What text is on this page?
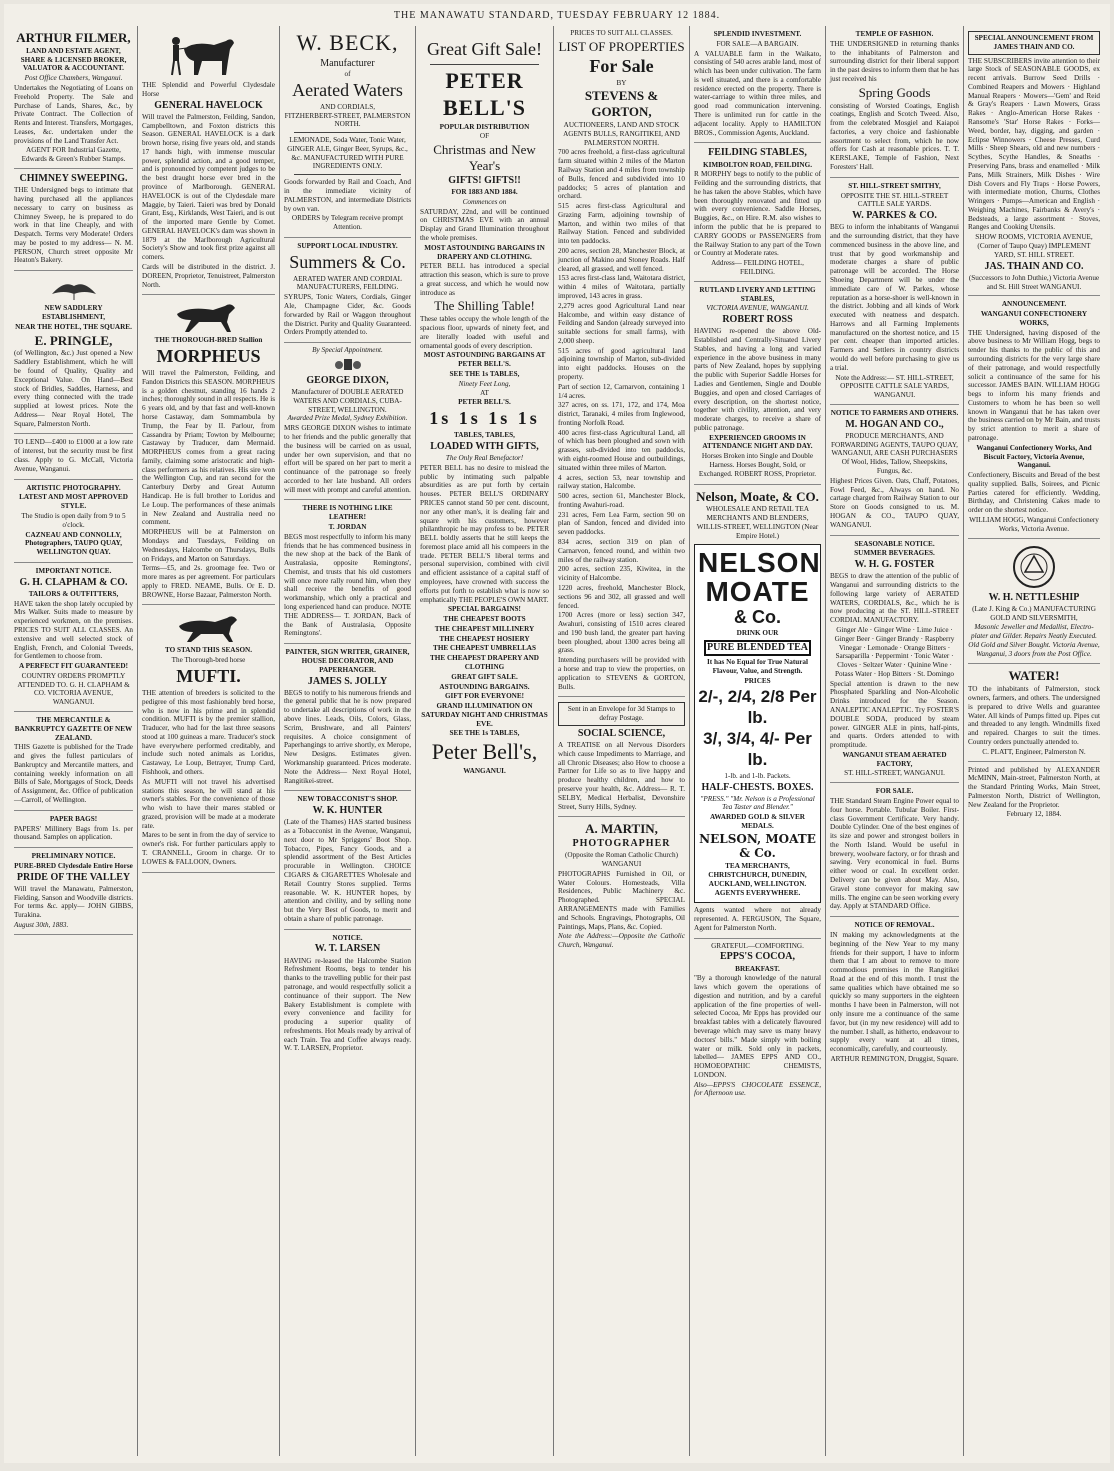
THE MANAWATU STANDARD, TUESDAY FEBRUARY 12 1884.
ARTHUR FILMER,
LAND AND ESTATE AGENT, SHARE & LICENSED BROKER, VALUATOR & ACCOUNTANT.
Post Office Chambers, Wanganui.

Undertakes the Negotiating of Loans on Freehold Property. The Sale and Purchase of Lands, Shares, &c., by Private Contract. The Collection of Rents and Interest. Transfers, Mortgages, Leases, &c. undertaken under the provisions of the Land Transfer Act.

AGENT FOR Industrial Gazette, Edwards & Green's Rubber Stamps.
CHIMNEY SWEEPING.

THE Undersigned begs to intimate that having purchased all the appliances necessary to carry on business as Chimney Sweep, he is prepared to do work in that line Cheaply, and with Despatch. Terms very Moderate! Orders may be posted to my address— N. M. PERSON, Church street opposite Mr Heaton's Bakery.

NEW SADDLERY ESTABLISHMENT,
NEAR THE HOTEL, THE SQUARE.
E. PRINGLE,

(of Wellington, &c.) Just opened a New Saddlery Establishment, which he will be found of Quality, Quality and Exceptional Value. On Hand—Best stock of Bridles, Saddles, Harness, and every thing connected with the trade supplied at lowest prices. Note the Address— Near Royal Hotel, The Square, Palmerston North.

TO LEND—£400 to £1000 at a low rate of interest, but the security must be first class. Apply to G. McCall, Victoria Avenue, Wanganui.

ARTISTIC PHOTOGRAPHY.
LATEST AND MOST APPROVED STYLE.
The Studio is open daily from 9 to 5 o'clock.
CAZNEAU AND CONNOLLY, Photographers, TAUPO QUAY, WELLINGTON QUAY.
IMPORTANT NOTICE.
G. H. CLAPHAM & CO.
TAILORS & OUTFITTERS,

HAVE taken the shop lately occupied by Mrs Walker. Suits made to measure by experienced workmen, on the premises. PRICES TO SUIT ALL CLASSES. An extensive and well selected stock of English, French, and Colonial Tweeds, for Gentlemen to choose from.

A PERFECT FIT GUARANTEED!
COUNTRY ORDERS PROMPTLY ATTENDED TO. G. H. CLAPHAM & CO. VICTORIA AVENUE, WANGANUI.
THE MERCANTILE & BANKRUPTCY GAZETTE OF NEW ZEALAND.

THIS Gazette is published for the Trade and gives the fullest particulars of Bankruptcy and Mercantile matters, and containing weekly information on all Bills of Sale, Mortgages of Stock, Deeds of Assignment, &c. Office of publication—Carroll, of Wellington.

PAPER BAGS!

PAPERS' Millinery Bags from 1s. per thousand. Samples on application.

PRELIMINARY NOTICE.
PURE-BRED Clydesdale Entire Horse
PRIDE OF THE VALLEY

Will travel the Manawatu, Palmerston, Fielding, Sanson and Woodville districts. For terms &c. apply— JOHN GIBBS, Turakina.

August 30th, 1883.

THE Splendid and Powerful Clydesdale Horse

GENERAL HAVELOCK

Will travel the Palmerston, Feilding, Sandon, Campbelltown, and Foxton districts this Season. GENERAL HAVELOCK is a dark brown horse, rising five years old, and stands 17 hands high, with immense muscular power, splendid action, and a good temper, and is pronounced by competent judges to be the best draught horse ever bred in the province of Marlborough. GENERAL HAVELOCK is out of the Clydesdale mare Maggie, by Taieri. Taieri was bred by Donald Grant, Esq., Kirklands, West Taieri, and is out of the imported mare Gentle by Comet. GENERAL HAVELOCK's dam was shown in 1879 at the Marlborough Agricultural Society's Show and took first prize against all comers.

Cards will be distributed in the district. J. DOREEN, Proprietor, Tenuistreet, Palmerston North.

THE THOROUGH-BRED Stallion
MORPHEUS

Will travel the Palmerston, Feilding, and Fandon Districts this SEASON. MORPHEUS is a golden chestnut, standing 16 hands 2 inches; thoroughly sound in all respects. He is 6 years old, and by that fast and well-known horse Castaway, dam Sommambula by Trump, the Fear by II. Parlour, from Cassandra by Priam; Towton by Melbourne; Castaway by Traducer, dam Mermaid. MORPHEUS comes from a great racing family, claiming some aristocratic and high-class performers as his relatives. His sire won the Wellington Cup, and ran second for the Canterbury Derby and Great Autumn Handicap. He is full brother to Loridus and Le Loup. The performances of these animals in New Zealand and Australia need no comment.

MORPHEUS will be at Palmerston on Mondays and Tuesdays, Feilding on Wednesdays, Halcombe on Thursdays, Bulls on Fridays, and Marton on Saturdays.

Terms—£5, and 2s. groomage fee. Two or more mares as per agreement. For particulars apply to FRED. NEAME, Bulls. Or E. D. BROWNE, Horse Bazaar, Palmerston North.

TO STAND THIS SEASON.
The Thorough-bred horse
MUFTI.

THE attention of breeders is solicited to the pedigree of this most fashionably bred horse, who is now in his prime and in splendid condition. MUFTI is by the premier stallion, Traducer, who had for the last three seasons stood at 100 guineas a mare. Traducer's stock have everywhere performed creditably, and include such noted animals as Loridus, Castaway, Le Loup, Betrayer, Trump Card, Fishhook, and others.

As MUFTI will not travel his advertised stations this season, he will stand at his owner's stables. For the convenience of those who wish to have their mares stabled or grazed, provision will be made at a moderate rate.

Mares to be sent in from the day of service to owner's risk. For further particulars apply to T. CRANNELL, Groom in charge. Or to LOWES & FALLOON, Owners.

W. BECK,
Manufacturer
of
Aerated Waters
AND CORDIALS,
FITZHERBERT-STREET, PALMERSTON NORTH.
LEMONADE, Soda Water, Tonic Water, GINGER ALE, Ginger Beer, Syrups, &c., &c. MANUFACTURED WITH PURE INGREDIENTS ONLY.

Goods forwarded by Rail and Coach, And in the immediate vicinity of PALMERSTON, and intermediate Districts by own van.

ORDERS by Telegram receive prompt Attention.

SUPPORT LOCAL INDUSTRY.
Summers & Co.
AERATED WATER AND CORDIAL MANUFACTURERS, FEILDING.

SYRUPS, Tonic Waters, Cordials, Ginger Ale, Champagne Cider, &c. Goods forwarded by Rail or Waggon throughout the District. Purity and Quality Guaranteed. Orders Promptly attended to.

By Special Appointment.
GEORGE DIXON,
Manufacturer of DOUBLE AERATED WATERS AND CORDIALS, CUBA-STREET, WELLINGTON.
Awarded Prize Medal, Sydney Exhibition.

MRS GEORGE DIXON wishes to intimate to her friends and the public generally that the business will be carried on as usual, under her own supervision, and that no effort will be spared on her part to merit a continuance of the patronage so freely accorded to her late husband. All orders will meet with prompt and careful attention.

THERE IS NOTHING LIKE LEATHER!
T. JORDAN

BEGS most respectfully to inform his many friends that he has commenced business in the new shop at the back of the Bank of Australasia, opposite Remingtons', Chemist, and trusts that his old customers will once more rally round him, when they shall receive the benefits of good workmanship, which only a practical and long experienced hand can produce. NOTE THE ADDRESS— T. JORDAN, Back of the Bank of Australasia, Opposite Remingtons'.

PAINTER, SIGN WRITER, GRAINER, HOUSE DECORATOR, AND PAPERHANGER.
JAMES S. JOLLY

BEGS to notify to his numerous friends and the general public that he is now prepared to undertake all descriptions of work in the above lines. Leads, Oils, Colors, Glass, Scrim, Brushware, and all Painters' requisites. A choice consignment of Paperhangings to arrive shortly, ex Merope, New Designs. Estimates given. Workmanship guaranteed. Prices moderate. Note the Address— Next Royal Hotel, Rangitikei-street.

NEW TOBACCONIST'S SHOP.
W. K. HUNTER

(Late of the Thames) HAS started business as a Tobacconist in the Avenue, Wanganui, next door to Mr Spriggens' Boot Shop. Tobacco, Pipes, Fancy Goods, and a splendid assortment of the Best Articles procurable in Wellington. CHOICE CIGARS & CIGARETTES Wholesale and Retail Country Stores supplied. Terms reasonable. W. K. HUNTER hopes, by attention and civility, and by selling none but the Very Best of Goods, to merit and obtain a share of public patronage.

NOTICE.
W. T. LARSEN

HAVING re-leased the Halcombe Station Refreshment Rooms, begs to tender his thanks to the travelling public for their past patronage, and would respectfully solicit a continuance of their support. The New Bakery Establishment is complete with every convenience and facility for producing a superior quality of refreshments. Hot Meals ready by arrival of each Train. Tea and Coffee always ready. W. T. LARSEN, Proprietor.

Great Gift Sale!
PETER BELL'S
POPULAR DISTRIBUTION
OF
Christmas and New Year's
GIFTS! GIFTS!!
FOR 1883 AND 1884.
Commences on

SATURDAY, 22nd, and will be continued on CHRISTMAS EVE with an annual Display and Grand Illumination throughout the whole premises.

MOST ASTOUNDING BARGAINS IN DRAPERY AND CLOTHING.

PETER BELL has introduced a special attraction this season, which is sure to prove a great success, and which he would now introduce as

The Shilling Table!

These tables occupy the whole length of the spacious floor, upwards of ninety feet, and are literally loaded with useful and ornamental goods of every description.

MOST ASTOUNDING BARGAINS AT PETER BELL'S.
SEE THE 1s TABLES,
Ninety Feet Long,
AT
PETER BELL'S.
1s 1s 1s 1s
TABLES, TABLES,
LOADED WITH GIFTS,
The Only Real Benefactor!

PETER BELL has no desire to mislead the public by intimating such palpable absurdities as are put forth by certain houses. PETER BELL'S ORDINARY PRICES cannot stand 50 per cent. discount, nor any other man's, it is dealing fair and square with his customers, however philanthropic he may profess to be. PETER BELL boldly asserts that he still keeps the foremost place amid all his compeers in the trade. PETER BELL'S liberal terms and personal supervision, combined with civil and efficient assistance of a capital staff of employees, have crowned with success the efforts put forth to establish what is now so emphatically THE PEOPLE'S OWN MART.

SPECIAL BARGAINS!
THE CHEAPEST BOOTS
THE CHEAPEST MILLINERY
THE CHEAPEST HOSIERY
THE CHEAPEST UMBRELLAS
THE CHEAPEST DRAPERY AND CLOTHING
GREAT GIFT SALE.
ASTOUNDING BARGAINS.
GIFT FOR EVERYONE!
GRAND ILLUMINATION ON SATURDAY NIGHT AND CHRISTMAS EVE.
SEE THE 1s TABLES,
Peter Bell's,
WANGANUI.
PRICES TO SUIT ALL CLASSES.
LIST OF PROPERTIES
For Sale
BY
STEVENS & GORTON,
AUCTIONEERS, LAND AND STOCK AGENTS BULLS, RANGITIKEI, AND PALMERSTON NORTH.

700 acres freehold, a first-class agricultural farm situated within 2 miles of the Marton Railway Station and 4 miles from township of Bulls, fenced and subdivided into 10 paddocks; 5 acres of plantation and orchard.

515 acres first-class Agricultural and Grazing Farm, adjoining township of Marton, and within two miles of that Railway Station. Fenced and subdivided into ten paddocks.

200 acres, section 28, Manchester Block, at junction of Makino and Stoney Roads. Half cleared, all grassed, and well fenced.

153 acres first-class land, Waitotara district, within 4 miles of Waitotara, partially improved, 143 acres in grass.

2,279 acres good Agricultural Land near Halcombe, and within easy distance of Feilding and Sandon (already surveyed into suitable sections for small farms), with 2,000 sheep.

515 acres of good agricultural land adjoining township of Marton, sub-divided into eight paddocks. Houses on the property.

Part of section 12, Carnarvon, containing 1 1/4 acres.

327 acres, on ss. 171, 172, and 174, Moa district, Taranaki, 4 miles from Inglewood, fronting Norfolk Road.

400 acres first-class Agricultural Land, all of which has been ploughed and sown with grasses, sub-divided into ten paddocks, with eight-roomed House and outbuildings, situated within three miles of Marton.

4 acres, section 53, near township and railway station, Halcombe.

500 acres, section 61, Manchester Block, fronting Awahuri-road.

231 acres, Fern Lea Farm, section 90 on plan of Sandon, fenced and divided into seven paddocks.

834 acres, section 319 on plan of Carnarvon, fenced round, and within two miles of the railway station.

200 acres, section 235, Kiwitea, in the vicinity of Halcombe.

1220 acres, freehold, Manchester Block, sections 96 and 302, all grassed and well fenced.

1700 Acres (more or less) section 347, Awahuri, consisting of 1510 acres cleared and 190 bush land, the greater part having been ploughed, about 1300 acres being all grass.

Intending purchasers will be provided with a horse and trap to view the properties, on application to STEVENS & GORTON, Bulls.

Sent in an Envelope for 3d Stamps to defray Postage.
SOCIAL SCIENCE,

A TREATISE on all Nervous Disorders which cause Impediments to Marriage, and all Chronic Diseases; also How to choose a Partner for Life so as to live happy and produce healthy children, and how to preserve your health, &c. Address— R. T. SELBY, Medical Herbalist, Devonshire Street, Surry Hills, Sydney.

A. MARTIN,
PHOTOGRAPHER
(Opposite the Roman Catholic Church) WANGANUI

PHOTOGRAPHS Furnished in Oil, or Water Colours. Homesteads, Villa Residences, Public Machinery &c. Photographed. SPECIAL ARRANGEMENTS made with Families and Schools. Engravings, Photographs, Oil Paintings, Maps, Plans, &c. Copied.

Note the Address:—Opposite the Catholic Church, Wanganui.

SPLENDID INVESTMENT.
FOR SALE—A BARGAIN.

A VALUABLE farm in the Waikato, consisting of 540 acres arable land, most of which has been under cultivation. The farm is well situated, and there is a comfortable residence erected on the property. There is water-carriage to within three miles, and good road communication intervening. There is unlimited run for cattle in the adjacent locality. Apply to HAMILTON BROS., Commission Agents, Auckland.

FEILDING STABLES,
KIMBOLTON ROAD, FEILDING.

R MORPHY begs to notify to the public of Feilding and the surrounding districts, that he has taken the above Stables, which have been thoroughly renovated and fitted up with every convenience. Saddle Horses, Buggies, &c., on Hire. R.M. also wishes to inform the public that he is prepared to CARRY GOODS or PASSENGERS from the Railway Station to any part of the Town or Country at Moderate rates.

Address— FEILDING HOTEL, FEILDING.
RUTLAND LIVERY AND LETTING STABLES,
VICTORIA AVENUE, WANGANUI.
ROBERT ROSS

HAVING re-opened the above Old-Established and Centrally-Situated Livery Stables, and having a long and varied experience in the above business in many parts of New Zealand, hopes by supplying the public with Superior Saddle Horses for Ladies and Gentlemen, Single and Double Buggies, and open and closed Carriages of every description, on the shortest notice, together with civility, attention, and very moderate charges, to receive a share of public patronage.

EXPERIENCED GROOMS IN ATTENDANCE NIGHT AND DAY.

Horses Broken into Single and Double Harness. Horses Bought, Sold, or Exchanged. ROBERT ROSS, Proprietor.

Nelson, Moate, & CO.
WHOLESALE AND RETAIL TEA MERCHANTS AND BLENDERS, WILLIS-STREET, WELLINGTON (Near Empire Hotel.)
NELSON
MOATE
& Co.
DRINK OUR
PURE BLENDED TEA
It has No Equal for True Natural Flavour, Value, and Strength.
PRICES
2/-, 2/4, 2/8 Per lb.
3/, 3/4, 4/- Per lb.
1-lb. and 1-lb. Packets.
HALF-CHESTS. BOXES.
"PRESS." "Mr. Nelson is a Professional Tea Taster and Blender."
AWARDED GOLD & SILVER MEDALS.
NELSON, MOATE & Co.
TEA MERCHANTS, CHRISTCHURCH, DUNEDIN, AUCKLAND, WELLINGTON.
AGENTS EVERYWHERE.

Agents wanted where not already represented. A. FERGUSON, The Square, Agent for Palmerston North.

GRATEFUL—COMFORTING.
EPPS'S COCOA,
BREAKFAST.

"By a thorough knowledge of the natural laws which govern the operations of digestion and nutrition, and by a careful application of the fine properties of well-selected Cocoa, Mr Epps has provided our breakfast tables with a delicately flavoured beverage which may save us many heavy doctors' bills." Made simply with boiling water or milk. Sold only in packets, labelled— JAMES EPPS AND CO., HOMOEOPATHIC CHEMISTS, LONDON.

Also—EPPS'S CHOCOLATE ESSENCE, for Afternoon use.

TEMPLE OF FASHION.

THE UNDERSIGNED in returning thanks to the inhabitants of Palmerston and surrounding district for their liberal support in the past desires to inform them that he has just received his

Spring Goods

consisting of Worsted Coatings, English coatings, English and Scotch Tweed. Also, from the celebrated Mosgiel and Kaiapoi factories, a very choice and fashionable assortment to select from, which he now offers for Cash at reasonable prices. T. T. KERSLAKE, Temple of Fashion, Next Foresters' Hall.

ST. HILL-STREET SMITHY,
OPPOSITE THE ST. HILL-STREET CATTLE SALE YARDS.
W. PARKES & CO.

BEG to inform the inhabitants of Wanganui and the surrounding district, that they have commenced business in the above line, and trust that by good workmanship and moderate charges a share of public patronage will be accorded. The Horse Shoeing Department will be under the immediate care of W. Parkes, whose reputation as a horse-shoer is well-known in the district. Jobbing and all kinds of Work executed with neatness and despatch. Harrows and all Farming Implements manufactured on the shortest notice, and 15 per cent. cheaper than imported articles. Farmers and Settlers in country districts would do well before purchasing to give us a trial.

Note the Address:— ST. HILL-STREET, OPPOSITE CATTLE SALE YARDS, WANGANUI.
NOTICE TO FARMERS AND OTHERS.
M. HOGAN AND CO.,
PRODUCE MERCHANTS, AND FORWARDING AGENTS, TAUPO QUAY, WANGANUI, ARE CASH PURCHASERS Of Wool, Hides, Tallow, Sheepskins, Fungus, &c.

Highest Prices Given. Oats, Chaff, Potatoes, Fowl Feed, &c., Always on hand. No cartage charged from Railway Station to our Store on Goods consigned to us. M. HOGAN & CO., TAUPO QUAY, WANGANUI.

SEASONABLE NOTICE.
SUMMER BEVERAGES.
W. H. G. FOSTER

BEGS to draw the attention of the public of Wanganui and surrounding districts to the following large variety of AERATED WATERS, CORDIALS, &c., which he is now producing at the ST. HILL-STREET CORDIAL MANUFACTORY.

Ginger Ale · Ginger Wine · Lime Juice · Ginger Beer · Ginger Brandy · Raspberry Vinegar · Lemonade · Orange Bitters · Sarsaparilla · Peppermint · Tonic Water · Cloves · Seltzer Water · Quinine Wine · Potass Water · Hop Bitters · St. Domingo

Special attention is drawn to the new Phosphated Sparkling and Non-Alcoholic Drinks introduced for the Season. ANALEPTIC ANALEPTIC. Try FOSTER'S DOUBLE SODA, produced by steam power. GINGER ALE in pints, half-pints, and quarts. Orders attended to with promptitude.

WANGANUI STEAM AERATED FACTORY,
ST. HILL-STREET, WANGANUI.
FOR SALE.

THE Standard Steam Engine Power equal to four horse. Portable. Tubular Boiler. First-class Government Certificate. Very handy. Double Cylinder. One of the best engines of its size and power and strongest boilers in the North Island. Would be useful in brewery, woolware factory, or for thrash and sawing. Very economical in fuel. Burns either wood or coal. In excellent order. Delivery can be given about May. Also, Gravel stone conveyor for making saw mills. The engine can be seen working every day. Apply at STANDARD Office.

NOTICE OF REMOVAL.

IN making my acknowledgments at the beginning of the New Year to my many friends for their support, I have to inform them that I am about to remove to more commodious premises in the Rangitikei Road at the end of this month. I trust the same qualities which have obtained me so quickly so many supporters in the eighteen months I have been in Palmerston, will not only insure me a continuance of the same favor, but (in my new residence) will add to the number. I shall, as hitherto, endeavour to supply every want at all times, economically, carefully, and courteously.

ARTHUR REMINGTON, Druggist, Square.

SPECIAL ANNOUNCEMENT FROM JAMES THAIN AND CO.

THE SUBSCRIBERS invite attention to their large Stock of SEASONABLE GOODS, ex recent arrivals. Burrow Seed Drills · Combined Reapers and Mowers · Highland Manual Reapers · Mowers—'Gem' and Reid & Gray's Reapers · Lawn Mowers, Grass Rakes · Anglo-American Horse Rakes · Ransome's 'Star' Horse Rakes · Forks—Weed, border, hay, digging, and garden · Eclipse Winnowers · Cheese Presses, Curd Mills · Sheep Shears, old and new numbers · Scythes, Scythe Handles, & Sneaths · Preserving Pans, brass and enamelled · Milk Pans, Milk Strainers, Milk Dishes · Wire Dish Covers and Fly Traps · Horse Powers, with intermediate motion, Churns, Clothes Wringers · Pumps—American and English · Weighing Machines, Fairbanks & Avery's · Bedsteads, a large assortment · Stoves, Ranges and Cooking Utensils.

SHOW ROOMS, VICTORIA AVENUE, (Corner of Taupo Quay) IMPLEMENT YARD, ST. HILL STREET.
JAS. THAIN AND CO.
(Successors to John Duthie,) Victoria Avenue and St. Hill Street WANGANUI.
ANNOUNCEMENT.
WANGANUI CONFECTIONERY WORKS,

THE Undersigned, having disposed of the above business to Mr William Hogg, begs to tender his thanks to the public of this and surrounding districts for the very large share of their patronage, and would respectfully solicit a continuance of the same for his successor. JAMES BAIN. WILLIAM HOGG begs to inform his many friends and Customers to whom he has been so well known in Wanganui that he has taken over the business carried on by Mr Bain, and trusts by strict attention to merit a share of patronage.

Wanganui Confectionery Works, And Biscuit Factory, Victoria Avenue, Wanganui.

Confectionery, Biscuits and Bread of the best quality supplied. Balls, Soirees, and Picnic Parties catered for efficiently. Wedding, Birthday, and Christening Cakes made to order on the shortest notice.

WILLIAM HOGG, Wanganui Confectionery Works, Victoria Avenue.
W. H. NETTLESHIP
(Late J. King & Co.) MANUFACTURING GOLD AND SILVERSMITH,

Masonic Jeweller and Medallist, Electro-plater and Gilder. Repairs Neatly Executed. Old Gold and Silver Bought. Victoria Avenue, Wanganui, 3 doors from the Post Office.

WATER!

TO the inhabitants of Palmerston, stock owners, farmers, and others. The undersigned is prepared to drive Wells and guarantee Water. All kinds of Pumps fitted up. Pipes cut and threaded to any length. Windmills fixed and repaired. Charges to suit the times. Country orders punctually attended to.

C. PLATT, Engineer, Palmerston N.

Printed and published by ALEXANDER McMINN, Main-street, Palmerston North, at the Standard Printing Works, Main Street, Palmerston North, District of Wellington, New Zealand for the Proprietor.

February 12, 1884.
